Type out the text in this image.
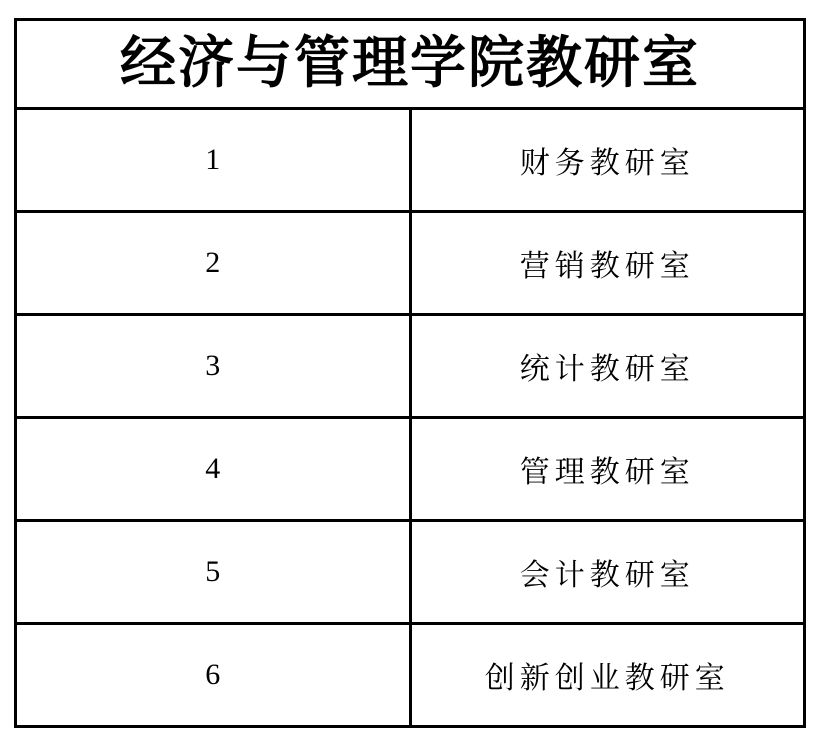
经济与管理学院教研室	
1	财务教研室
2	营销教研室
3	统计教研室
4	管理教研室
5	会计教研室
6	创新创业教研室
